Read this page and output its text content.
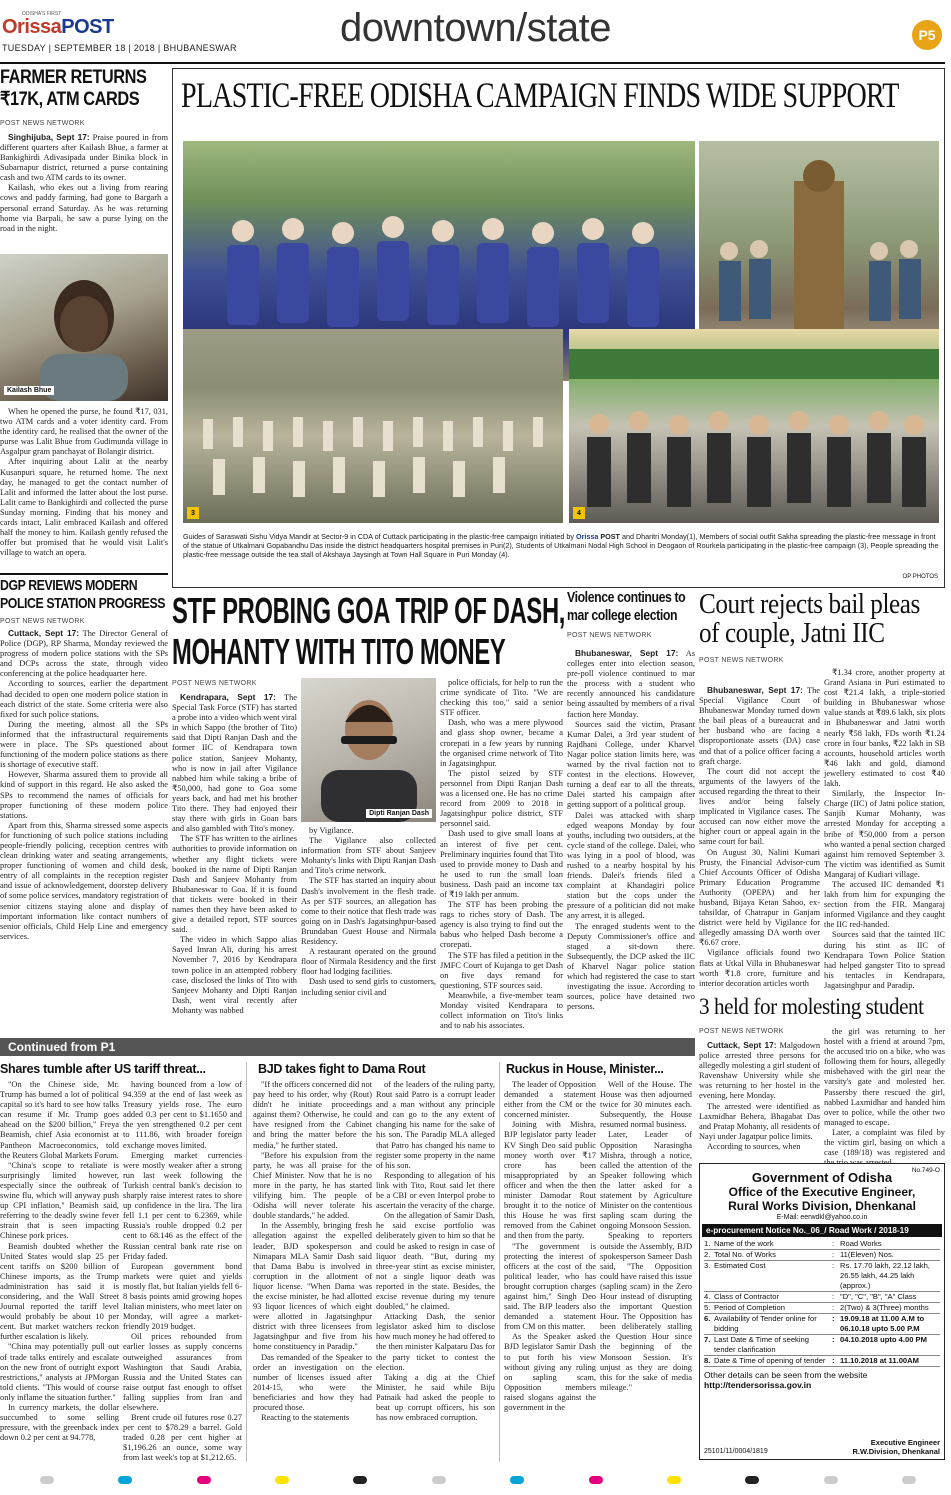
ODISHA'S FIRST
OrissaPOST
TUESDAY | SEPTEMBER 18 | 2018 | BHUBANESWAR	downtown/state	P5
FARMER RETURNS
₹17K, ATM CARDS
POST NEWS NETWORK

Singhijuba, Sept 17: Praise poured in from different quarters after Kailash Bhue, a farmer at Bankighirdi Adivasipada under Binika block in Subarnapur district, returned a purse containing cash and two ATM cards to its owner.

Kailash, who ekes out a living from rearing cows and paddy farming, had gone to Bargarh a personal errand Saturday. As he was returning home via Barpali, he saw a purse lying on the road in the night.

Kailash Bhue

When he opened the purse, he found ₹17, 031, two ATM cards and a voter identity card. From the identity card, he realised that the owner of the purse was Lalit Bhue from Gudimunda village in Asgalpur gram panchayat of Bolangir district.

After inquiring about Lalit at the nearby Kusanpuri square, he returned home. The next day, he managed to get the contact number of Lalit and informed the latter about the lost purse. Lalit came to Bankighirdi and collected the purse Sunday morning. Finding that his money and cards intact, Lalit embraced Kailash and offered half the money to him. Kailash gently refused the offer but promised that he would visit Lalit's village to watch an opera.

DGP REVIEWS MODERN
POLICE STATION PROGRESS
POST NEWS NETWORK

Cuttack, Sept 17: The Director General of Police (DGP), RP Sharma, Monday reviewed the progress of modern police stations with the SPs and DCPs across the state, through video conferencing at the police headquarter here.

According to sources, earlier the department had decided to open one modern police station in each district of the state. Some criteria were also fixed for such police stations.

During the meeting, almost all the SPs informed that the infrastructural requirements were in place. The SPs questioned about functioning of the modern police stations as there is shortage of executive staff.

However, Sharma assured them to provide all kind of support in this regard. He also asked the SPs to recommend the names of officials for proper functioning of these modern police stations.

Apart from this, Sharma stressed some aspects for functioning of such police stations including people-friendly policing, reception centres with clean drinking water and seating arrangements, proper functioning of women and child desk, entry of all complaints in the reception register and issue of acknowledgement, doorstep delivery of some police services, mandatory registration of senior citizens staying alone and display of important information like contact numbers of senior officials, Child Help Line and emergency services.

PLASTIC-FREE ODISHA CAMPAIGN FINDS WIDE SUPPORT
3	4
Guides of Saraswati Sishu Vidya Mandir at Sector-9 in CDA of Cuttack participating in the plastic-free campaign initiated by Orissa POST and Dharitri Monday(1), Members of social outfit Sakha spreading the plastic-free message in front of the statue of Utkalmani Gopabandhu Das inside the district headquarters hospital premises in Puri(2), Students of Utkalmani Nodal High School in Deogaon of Rourkela participating in the plastic-free campaign (3), People spreading the plastic-free message outside the tea stall of Akshaya Jaysingh at Town Hall Square in Puri Monday (4).
OP PHOTOS
STF PROBING GOA TRIP OF DASH,
MOHANTY WITH TITO MONEY
POST NEWS NETWORK

Kendrapara, Sept 17: The Special Task Force (STF) has started a probe into a video which went viral in which Sappo (the brother of Tito) said that Dipti Ranjan Dash and the former IIC of Kendrapara town police station, Sanjeev Mohanty, who is now in jail after Vigilance nabbed him while taking a bribe of ₹50,000, had gone to Goa some years back, and had met his brother Tito there. They had enjoyed their stay there with girls in Goan bars and also gambled with Tito's money.

The STF has written to the airlines authorities to provide information on whether any flight tickets were booked in the name of Dipti Ranjan Dash and Sanjeev Mohanty from Bhubaneswar to Goa. If it is found that tickets were booked in their names then they have been asked to give a detailed report, STF sources said.

The video in which Sappo alias Sayed Imran Ali, during his arrest November 7, 2016 by Kendrapara town police in an attempted robbery case, disclosed the links of Tito with Sanjeev Mohanty and Dipti Ranjan Dash, went viral recently after Mohanty was nabbed

Dipti Ranjan Dash

by Vigilance.

The Vigilance also collected information from STF about Sanjeev Mohanty's links with Dipti Ranjan Dash and Tito's crime network.

The STF has started an inquiry about Dash's involvement in the flesh trade. As per STF sources, an allegation has come to their notice that flesh trade was going on in Dash's Jagatsinghpur-based Brundaban Guest House and Nirmala Residency.

A restaurant operated on the ground floor of Nirmala Residency and the first floor had lodging facilities.

Dash used to send girls to customers, including senior civil and

police officials, for help to run the crime syndicate of Tito. "We are checking this too," said a senior STF officer.

Dash, who was a mere plywood and glass shop owner, became a crorepati in a few years by running the organised crime network of Tito in Jagatsinghpur.

The pistol seized by STF personnel from Dipti Ranjan Dash was a licensed one. He has no crime record from 2009 to 2018 in Jagatsinghpur police district, STF personnel said.

Dash used to give small loans at an interest of five per cent. Preliminary inquiries found that Tito used to provide money to Dash and he used to run the small loan business. Dash paid an income tax of ₹19 lakh per annum.

The STF has been probing the rags to riches story of Dash. The agency is also trying to find out the babus who helped Dash become a crorepati.

The STF has filed a petition in the JMFC Court of Kujanga to get Dash on five days remand for questioning, STF sources said.

Meanwhile, a five-member team Monday visited Kendrapara to collect information on Tito's links and to nab his associates.

Violence continues to
mar college election
POST NEWS NETWORK

Bhubaneswar, Sept 17: As colleges enter into election season, pre-poll violence continued to mar the process with a student who recently announced his candidature being assaulted by members of a rival faction here Monday.

Sources said the victim, Prasant Kumar Dalei, a 3rd year student of Rajdhani College, under Kharvel Nagar police station limits here, was warned by the rival faction not to contest in the elections. However, turning a deaf ear to all the threats, Dalei started his campaign after getting support of a political group.

Dalei was attacked with sharp edged weapons Monday by four youths, including two outsiders, at the cycle stand of the college. Dalei, who was lying in a pool of blood, was rushed to a nearby hospital by his friends. Dalei's friends filed a complaint at Khandagiri police station but the cops under the pressure of a politician did not make any arrest, it is alleged.

The enraged students went to the Deputy Commissioner's office and staged a sit-down there. Subsequently, the DCP asked the IIC of Kharvel Nagar police station which had registered the case to start investigating the issue. According to sources, police have detained two persons.

Court rejects bail pleas
of couple, Jatni IIC
POST NEWS NETWORK

Bhubaneswar, Sept 17: The Special Vigilance Court of Bhubaneswar Monday turned down the bail pleas of a bureaucrat and her husband who are facing a disproportionate assets (DA) case and that of a police officer facing a graft charge.

The court did not accept the arguments of the lawyers of the accused regarding the threat to their lives and/or being falsely implicated in Vigilance cases. The accused can now either move the higher court or appeal again in the same court for bail.

On August 30, Nalini Kumari Prusty, the Financial Advisor-cum Chief Accounts Officer of Odisha Primary Education Programme Authority (OPEPA) and her husband, Bijaya Ketan Sahoo, ex-tahsildar, of Chatrapur in Ganjam district were held by Vigilance for allegedly amassing DA worth over ₹6.67 crore.

Vigilance officials found two flats at Utkal Villa in Bhubaneswar worth ₹1.8 crore, furniture and interior decoration articles worth

₹1.34 crore, another property at Grand Asiana in Puri estimated to cost ₹21.4 lakh, a triple-storied building in Bhubaneswar whose value stands at ₹89.6 lakh, six plots in Bhubaneswar and Jatni worth nearly ₹58 lakh, FDs worth ₹1.24 crore in four banks, ₹22 lakh in SB accounts, household articles worth ₹46 lakh and gold, diamond jewellery estimated to cost ₹40 lakh.

Similarly, the Inspector In-Charge (IIC) of Jatni police station, Sanjib Kumar Mohanty, was arrested Monday for accepting a bribe of ₹50,000 from a person who wanted a penal section charged against him removed September 3. The victim was identified as Sumit Mangaraj of Kudiari village.

The accused IIC demanded ₹1 lakh from him for expunging the section from the FIR. Mangaraj informed Vigilance and they caught the IIC red-handed.

Sources said that the tainted IIC during his stint as IIC of Kendrapara Town Police Station had helped gangster Tito to spread his tentacles in Kendrapara, Jagatsinghpur and Paradip.

3 held for molesting student
POST NEWS NETWORK

Cuttack, Sept 17: Malgodown police arrested three persons for allegedly molesting a girl student of Ravenshaw University while she was returning to her hostel in the evening, here Monday.

The arrested were identified as Laxmidhar Behera, Bhagabat Das and Pratap Mohanty, all residents of Nayi under Jagatpur police limits.

According to sources, when

the girl was returning to her hostel with a friend at around 7pm, the accused trio on a bike, who was following them for hours, allegedly misbehaved with the girl near the varsity's gate and molested her. Passersby there rescued the girl, nabbed Laxmidhar and handed him over to police, while the other two managed to escape.

Later, a complaint was filed by the victim girl, basing on which a case (189/18) was registered and

Continued from P1
Shares tumble after US tariff threat...

"On the Chinese side, Mr. Trump has burned a lot of political capital so it's hard to see how talks can resume if Mr. Trump goes ahead on the $200 billion," Freya Beamish, chief Asia economist at Pantheon Macroeconomics, told the Reuters Global Markets Forum.

"China's scope to retaliate is surprisingly limited however, especially since the outbreak of swine flu, which will anyway push up CPI inflation," Beamish said, referring to the deadly swine fever strain that is seen impacting Chinese pork prices.

Beamish doubted whether the United States would slap 25 per cent tariffs on $200 billion of Chinese imports, as the Trump administration has said it is considering, and the Wall Street Journal reported the tariff level would probably be about 10 per cent. But market watchers reckon further escalation is likely.

"China may potentially pull out of trade talks entirely and escalate on the new front of outright export restrictions," analysts at JPMorgan told clients. "This would of course only inflame the situation further."

In currency markets, the dollar succumbed to some selling pressure, with the greenback index down 0.2 per cent at 94.778,

having bounced from a low of 94.359 at the end of last week as Treasury yields rose. The euro added 0.3 per cent to $1.1650 and the yen strengthened 0.2 per cent to 111.86, with broader foreign exchange moves limited.

Emerging market currencies were mostly weaker after a strong run last week following the Turkish central bank's decision to sharply raise interest rates to shore up confidence in the lira. The lira fell 1.1 per cent to 6.2369, while Russia's rouble dropped 0.2 per cent to 68.146 as the effect of the Russian central bank rate rise on Friday faded.

European government bond markets were quiet and yields mostly flat, but Italian yields fell 6-8 basis points amid growing hopes Italian ministers, who meet later on Monday, will agree a market-friendly 2019 budget.

Oil prices rebounded from earlier losses as supply concerns outweighed assurances from Washington that Saudi Arabia, Russia and the United States can raise output fast enough to offset falling supplies from Iran and elsewhere.

Brent crude oil futures rose 0.27 per cent to $78.29 a barrel. Gold traded 0.28 per cent higher at $1,196.26 an ounce, some way from last week's top at $1,212.65.

BJD takes fight to Dama Rout

"If the officers concerned did not pay heed to his order, why (Rout) didn't he initiate proceedings against them? Otherwise, he could have resigned from the Cabinet and bring the matter before the media," he further stated.

"Before his expulsion from the party, he was all praise for the Chief Minister. Now that he is no more in the party, he has started vilifying him. The people of Odisha will never tolerate his double standards," he added.

In the Assembly, bringing fresh allegation against the expelled leader, BJD spokesperson and Nimapara MLA Samir Dash said that Dama Babu is involved in corruption in the allotment of liquor license. "When Dama was the excise minister, he had allotted 93 liquor licences of which eight were allotted in Jagatsinghpur district with three licensees from Jagatsinghpur and five from his home constituency in Paradip."

Das remanded of the Speaker to order an investigation on the number of licenses issued after 2014-15, who were the beneficiaries and how they had procured those.

Reacting to the statements

of the leaders of the ruling party, Rout said Patro is a corrupt leader and a man without any principle and can go to the any extent of changing his name for the sake of his son. The Paradip MLA alleged that Patro has changed his name to register some property in the name of his son.

Responding to allegation of his link with Tito, Rout said let there be a CBI or even Interpol probe to ascertain the veracity of the charge.

On the allegation of Samir Dash, he said excise portfolio was deliberately given to him so that he could be asked to resign in case of liquor death. "But, during my three-year stint as excise minister, not a single liquor death was reported in the state. Besides, the excise revenue during my tenure doubled," he claimed.

Attacking Dash, the senior legislator asked him to disclose how much money he had offered to the then minister Kalpataru Das for the party ticket to contest the election.

Taking a dig at the Chief Minister, he said while Biju Patnaik had asked the people to beat up corrupt officers, his son has now embraced corruption.

Ruckus in House, Minister...

The leader of Opposition demanded a statement either from the CM or the concerned minister.

Joining with Mishra, BJP legislator party leader KV Singh Deo said public money worth over ₹17 crore has been misappropriated by an officer and when the then minister Damodar Rout brought it to the notice of this House he was first removed from the Cabinet and then from the party.

"The government is protecting the interest of officers at the cost of the political leader, who has brought corruption charges against him," Singh Deo said. The BJP leaders also demanded a statement from CM on this matter.

As the Speaker asked BJD legislator Samir Dash to put forth his view without giving any ruling on sapling scam, Opposition members raised slogans against the government in the

Well of the House. The House was then adjourned twice for 30 minutes each. Subsequently, the House resumed normal business.

Later, Leader of Opposition Narasingha Mishra, through a notice, called the attention of the Speaker following which the latter asked for a statement by Agriculture Minister on the contentious sapling scam during the ongoing Monsoon Session.

Speaking to reporters outside the Assembly, BJD spokesperson Sameer Dash said, "The Opposition could have raised this issue (sapling scam) in the Zero Hour instead of disrupting the important Question Hour. The Opposition has been deliberately stalling the Question Hour since the beginning of the Monsoon Session. It's unjust as they are doing this for the sake of media mileage."

No.749-O
Government of Odisha
Office of the Executive Engineer,
Rural Works Division, Dhenkanal
E-Mail: eerwdkl@yahoo.co.in
e-procurement Notice No._06_/ Road Work / 2018-19
1. Name of the work	: Road Works
2. Total No. of Works	: 11(Eleven) Nos.
3. Estimated Cost	: Rs. 17.70 lakh, 22.12 lakh, 26.55 lakh, 44.25 lakh (approx.)
4. Class of Contractor	: "D", "C", "B", "A" Class
5. Period of Completion	: 2(Two) & 3(Three) months
6. Availability of Tender online for bidding
: 19.09.18 at 11.00 A.M to 06.10.18 upto 5.00 P.M
7. Last Date & Time of seeking tender clarification
: 04.10.2018 upto 4.00 PM
8. Date & Time of opening of tender : 11.10.2018 at 11.00AM
Other details can be seen from the website
http://tendersorissa.gov.in
25101/11/0004/1819
Executive Engineer
R.W.Division, Dhenkanal
